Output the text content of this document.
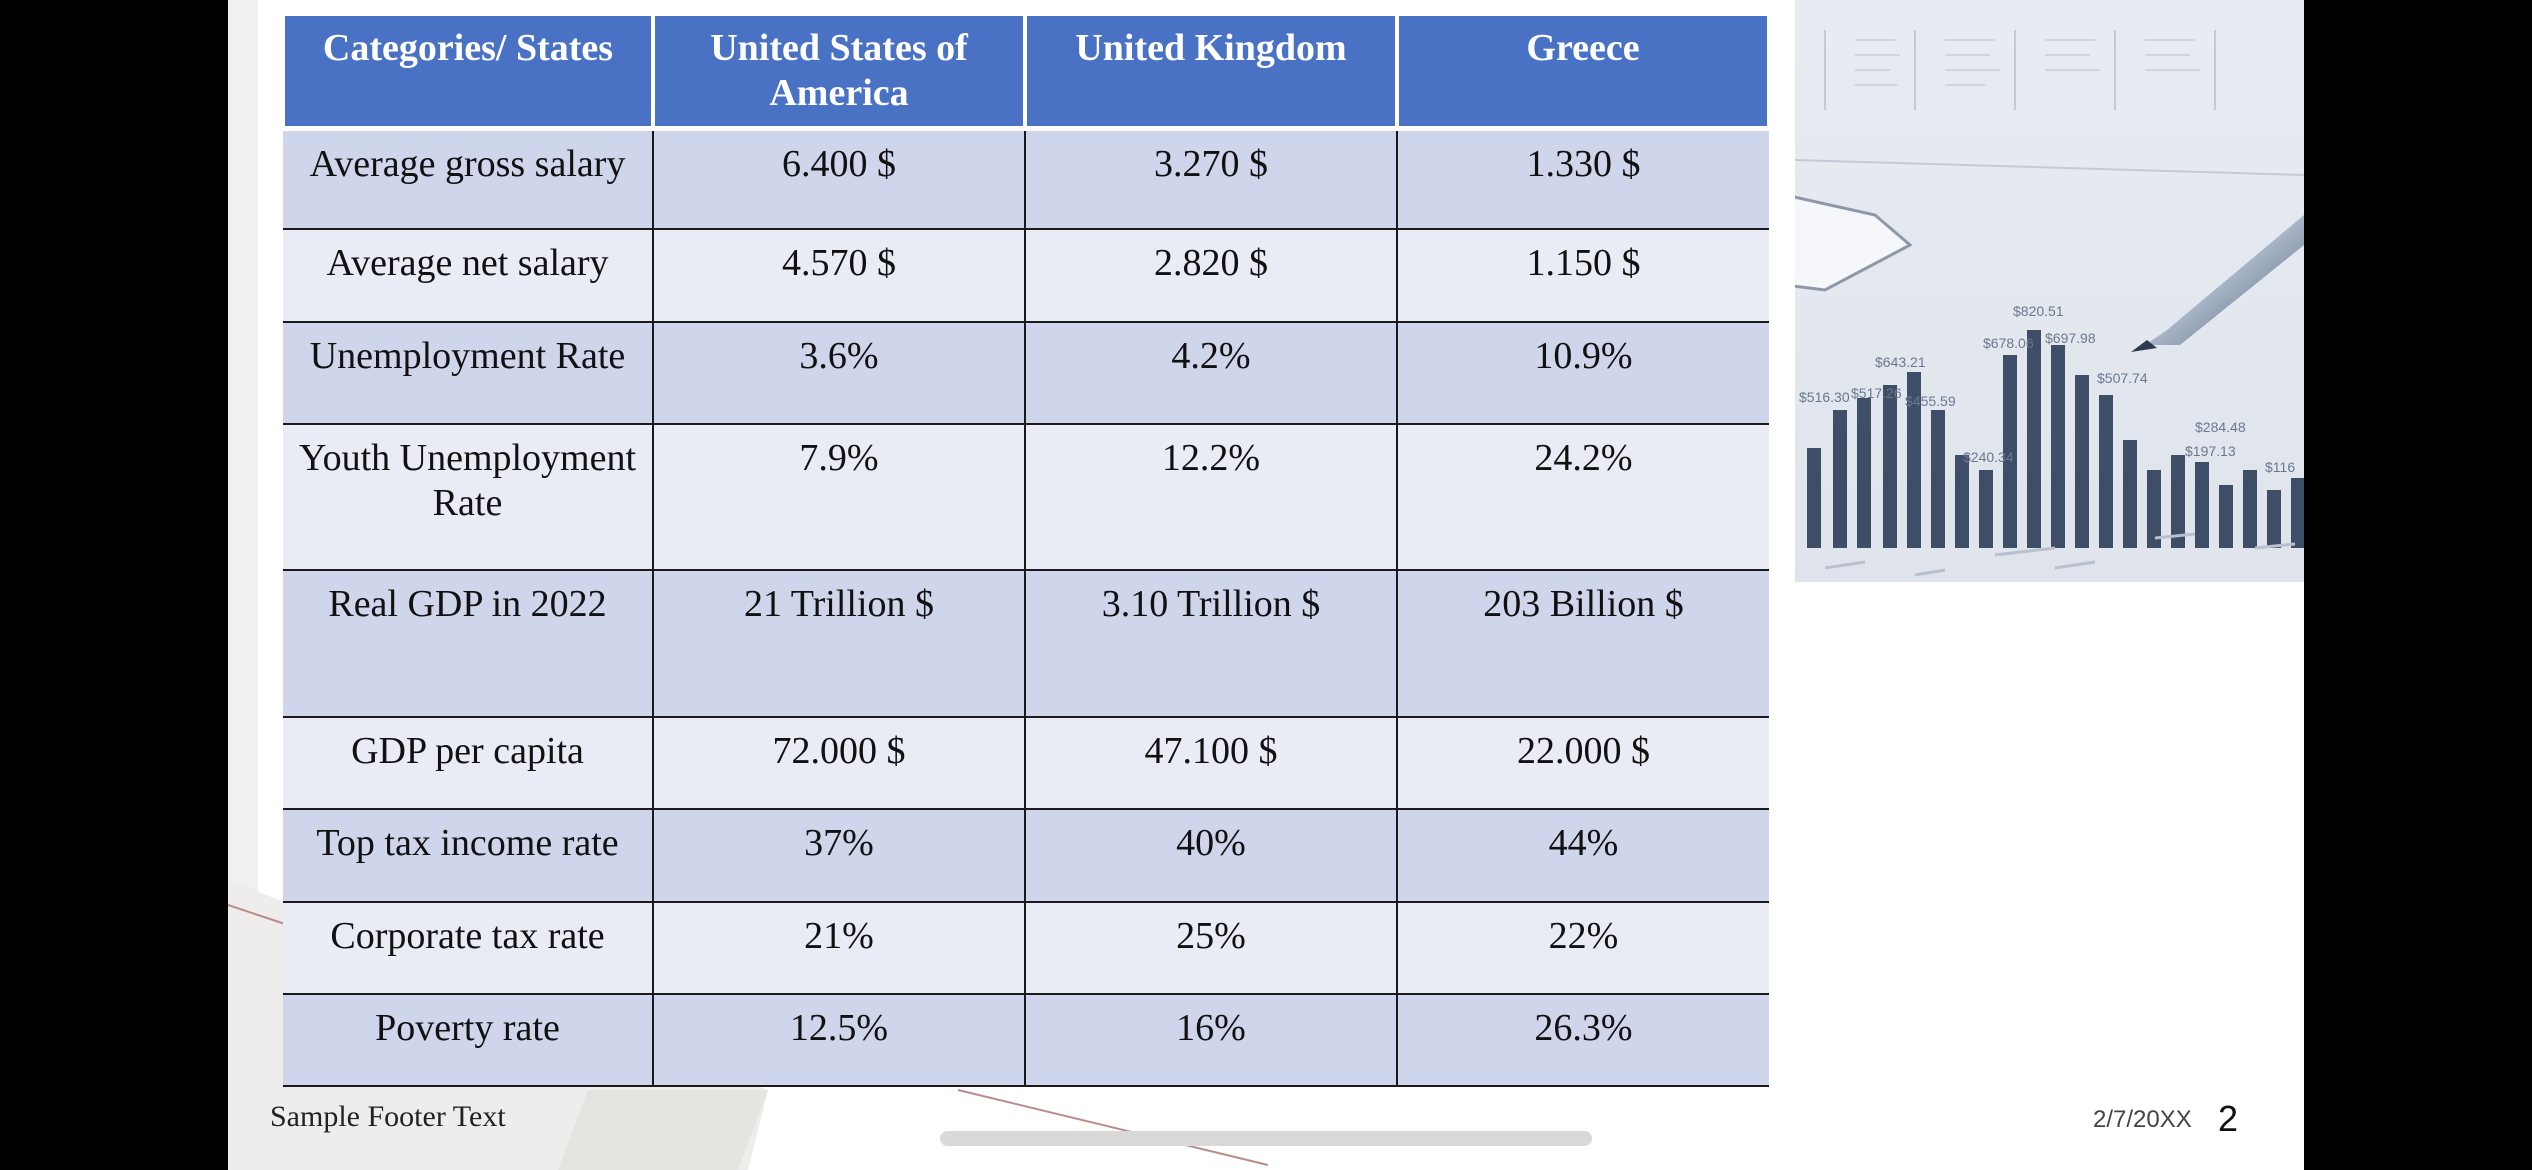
Categories/ States	United States of America	United Kingdom	Greece
Average gross salary	6.400 $	3.270 $	1.330 $
Average net salary	4.570 $	2.820 $	1.150 $
Unemployment Rate	3.6%	4.2%	10.9%
Youth Unemployment Rate	7.9%	12.2%	24.2%
Real GDP in 2022	21 Trillion $	3.10 Trillion $	203 Billion $
GDP per capita	72.000 $	47.100 $	22.000 $
Top tax income rate	37%	40%	44%
Corporate tax rate	21%	25%	22%
Poverty rate	12.5%	16%	26.3%
$820.51
$678.06 $697.98
$643.21
$507.74
$516.30 $517.26 $455.59
$284.48
$240.34	$197.13
$116
Sample Footer Text	2/7/20XX 2
